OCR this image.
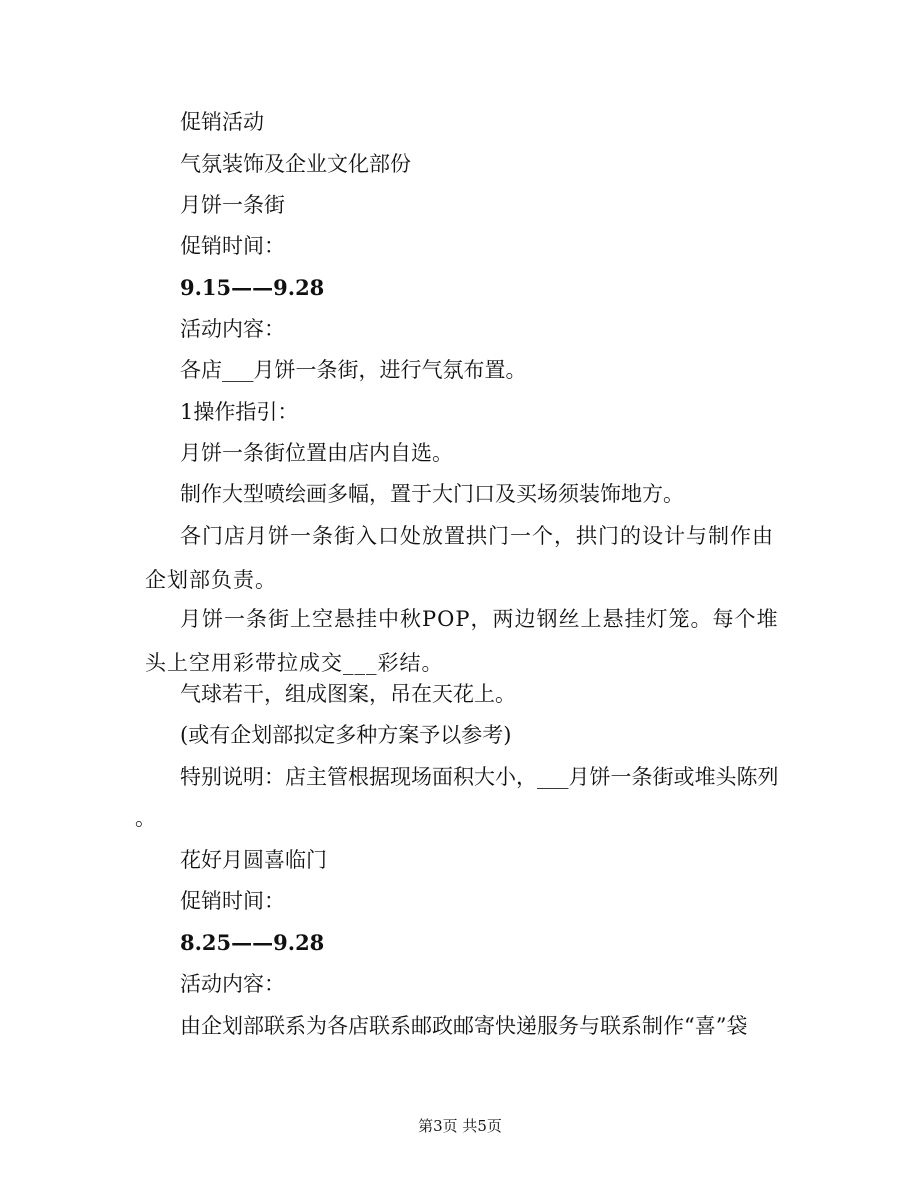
促销活动
气氛装饰及企业文化部份
月饼一条街
促销时间：
9.15——9.28
活动内容：
各店___月饼一条街，进行气氛布置。
1操作指引：
月饼一条街位置由店内自选。
制作大型喷绘画多幅，置于大门口及买场须装饰地方。
各门店月饼一条街入口处放置拱门一个，拱门的设计与制作由企划部负责。
月饼一条街上空悬挂中秋POP，两边钢丝上悬挂灯笼。每个堆头上空用彩带拉成交___彩结。
气球若干，组成图案，吊在天花上。
(或有企划部拟定多种方案予以参考)
特别说明：店主管根据现场面积大小，___月饼一条街或堆头陈列
。
花好月圆喜临门
促销时间：
8.25——9.28
活动内容：
由企划部联系为各店联系邮政邮寄快递服务与联系制作“喜”袋
第3页 共5页
